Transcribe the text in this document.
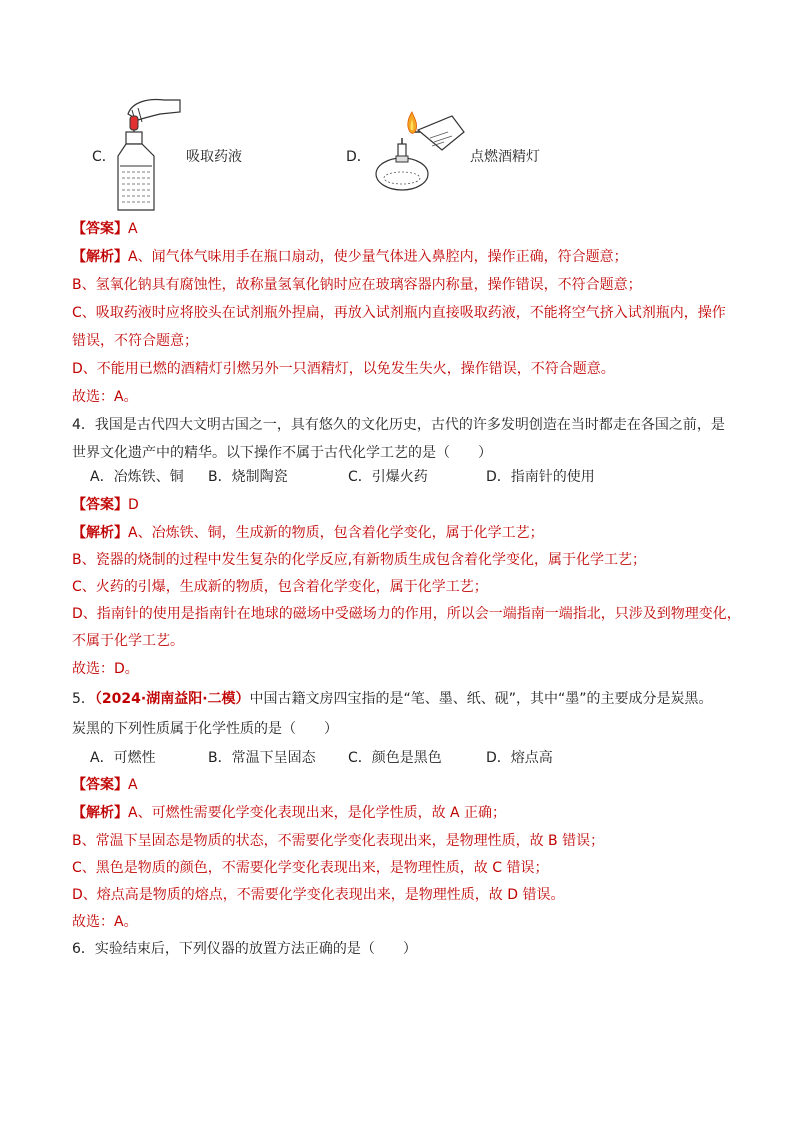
C．	吸取药液	D．	点燃酒精灯
【答案】A
【解析】A、闻气体气味用手在瓶口扇动，使少量气体进入鼻腔内，操作正确，符合题意；
B、氢氧化钠具有腐蚀性，故称量氢氧化钠时应在玻璃容器内称量，操作错误，不符合题意；
C、吸取药液时应将胶头在试剂瓶外捏扁，再放入试剂瓶内直接吸取药液，不能将空气挤入试剂瓶内，操作
错误，不符合题意；
D、不能用已燃的酒精灯引燃另外一只酒精灯，以免发生失火，操作错误，不符合题意。
故选：A。
4．我国是古代四大文明古国之一，具有悠久的文化历史，古代的许多发明创造在当时都走在各国之前，是
世界文化遗产中的精华。以下操作不属于古代化学工艺的是（　　）
A．冶炼铁、铜 B．烧制陶瓷	C．引爆火药	D．指南针的使用
【答案】D
【解析】A、冶炼铁、铜，生成新的物质，包含着化学变化，属于化学工艺；
B、瓷器的烧制的过程中发生复杂的化学反应,有新物质生成包含着化学变化，属于化学工艺；
C、火药的引爆，生成新的物质，包含着化学变化，属于化学工艺；
D、指南针的使用是指南针在地球的磁场中受磁场力的作用，所以会一端指南一端指北，只涉及到物理变化，
不属于化学工艺。
故选：D。
5．（2024·湖南益阳·二模）中国古籍文房四宝指的是“笔、墨、纸、砚”，其中“墨”的主要成分是炭黑。
炭黑的下列性质属于化学性质的是（　　）
A．可燃性	B．常温下呈固态 C．颜色是黑色	D．熔点高
【答案】A
【解析】A、可燃性需要化学变化表现出来，是化学性质，故 A 正确；
B、常温下呈固态是物质的状态，不需要化学变化表现出来，是物理性质，故 B 错误；
C、黑色是物质的颜色，不需要化学变化表现出来，是物理性质，故 C 错误；
D、熔点高是物质的熔点，不需要化学变化表现出来，是物理性质，故 D 错误。
故选：A。
6．实验结束后，下列仪器的放置方法正确的是（　　）
